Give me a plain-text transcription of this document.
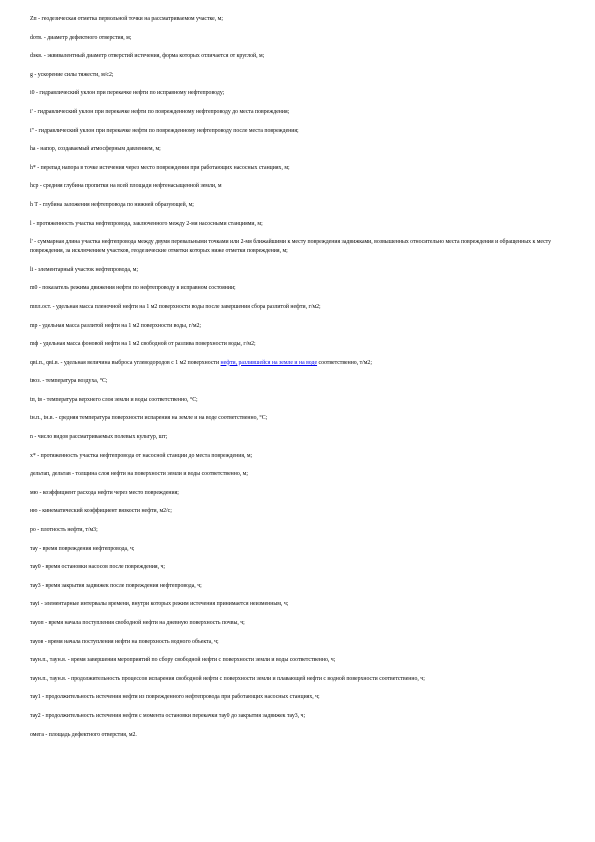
Zп - геодезическая отметка первольной точки на рассматриваемом участке, м;
dотв. - диаметр дефектного отверстия, м;
dэкв. - эквивалентный диаметр отверстий истечения, форма которых отличается от круглой, м;
g - ускорение силы тяжести, м/с2;
i0 - гидравлический уклон при перекачке нефти по исправному нефтепроводу;
i' - гидравлический уклон при перекачке нефти по поврежденному нефтепроводу до места повреждения;
i'' - гидравлический уклон при перекачке нефти по поврежденному нефтепроводу после места повреждения;
hа - напор, создаваемый атмосферным давлением, м;
h* - перепад напора в точке истечения через место повреждения при работающих насосных станциях, м;
hср - средняя глубина пропитки на всей площади нефтенасыщенной земли, м
h Т - глубина заложения нефтепровода по нижней образующей, м;
l - протяженность участка нефтепровода, заключенного между 2-мя насосными станциями, м;
l' - суммарная длина участка нефтепровода между двумя перевальными точками или 2-мя ближайшими к месту повреждения задвижками, возвышенных относительно места повреждения и обращенных к месту повреждения, за исключением участков, геодезические отметки которых ниже отметки повреждения, м;
li - элементарный участок нефтепровода, м;
m0 - показатель режима движения нефти по нефтепроводу в исправном состоянии;
mпл.ост. - удельная масса пленочной нефти на 1 м2 поверхности воды после завершения сбора разлитой нефти, г/м2;
mр - удельная масса разлитой нефти на 1 м2 поверхности воды, г/м2;
mф - удельная масса фоновой нефти на 1 м2 свободной от разлива поверхности воды, г/м2;
qвi.п., qвi.в. - удельная величина выброса углеводородов с 1 м2 поверхности нефти, разлившейся на земле и на воде соответственно, т/м2;
tвоз. - температура воздуха, °С;
tп, tв - температура верхнего слоя земли и воды соответственно, °С;
tн.п., tн.в. - средняя температура поверхности испарения на земле и на воде соответственно, °С;
n - число видов рассматриваемых полевых культур, шт;
x* - протяженность участка нефтепровода от насосной станции до места повреждения, м;
дельтап, дельтав - толщина слоя нефти на поверхности земли и воды соответственно, м;
мю - коэффициент расхода нефти через место повреждения;
ню - кинематический коэффициент вязкости нефти, м2/с;
ро - плотность нефти, т/м3;
тау - время повреждения нефтепровода, ч;
тау0 - время остановки насосов после повреждения, ч;
тау3 - время закрытия задвижек после повреждения нефтепровода, ч;
тауi - элементарные интервалы времени, внутри которых режим истечения принимается неизменным, ч;
тауоп - время начала поступления свободной нефти на дневную поверхность почвы, ч;
тауов - время начала поступления нефти на поверхность водного объекта, ч;
таун.п., таун.в. - время завершения мероприятий по сбору свободной нефти с поверхности земли и воды соответственно, ч;
таун.п., таун.в. - продолжительность процессов испарения свободной нефти с поверхности земли и плавающей нефти с водной поверхности соответственно, ч;
тау1 - продолжительность истечения нефти из поврежденного нефтепровода при работающих насосных станциях, ч;
тау2 - продолжительность истечения нефти с момента остановки перекачки тау0 до закрытия задвижек тау3, ч;
омега - площадь дефектного отверстия, м2.
